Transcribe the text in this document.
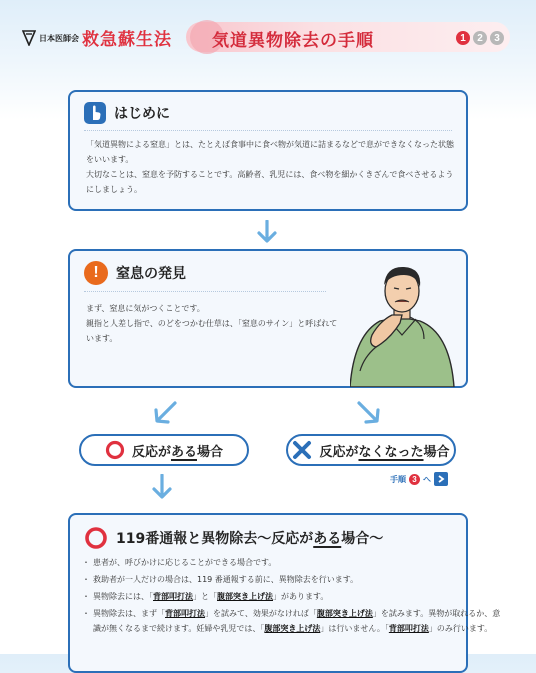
日本医師会 救急蘇生法 気道異物除去の手順	1	2	3
はじめに

「気道異物による窒息」とは、たとえば食事中に食べ物が気道に詰まるなどで息ができなくなった状態

をいいます。

大切なことは、窒息を予防することです。高齢者、乳児には、食べ物を細かくきざんで食べさせるよう

にしましょう。

!	窒息の発見

まず、窒息に気がつくことです。

親指と人差し指で、のどをつかむ仕草は、「窒息のサイン」と呼ばれて

います。

反応がある場合	反応がなくなった場合
手順 3 へ
119番通報と異物除去〜反応がある場合〜
・ 患者が、呼びかけに応じることができる場合です。
・ 救助者が一人だけの場合は、119 番通報する前に、異物除去を行います。
・ 異物除去には、「背部叩打法」と「腹部突き上げ法」があります。
・ 異物除去は、まず「背部叩打法」を試みて、効果がなければ「腹部突き上げ法」を試みます。異物が取れるか、意識が無くなるまで続けます。妊婦や乳児では、「腹部突き上げ法」は行いません。「背部叩打法」のみ行います。
